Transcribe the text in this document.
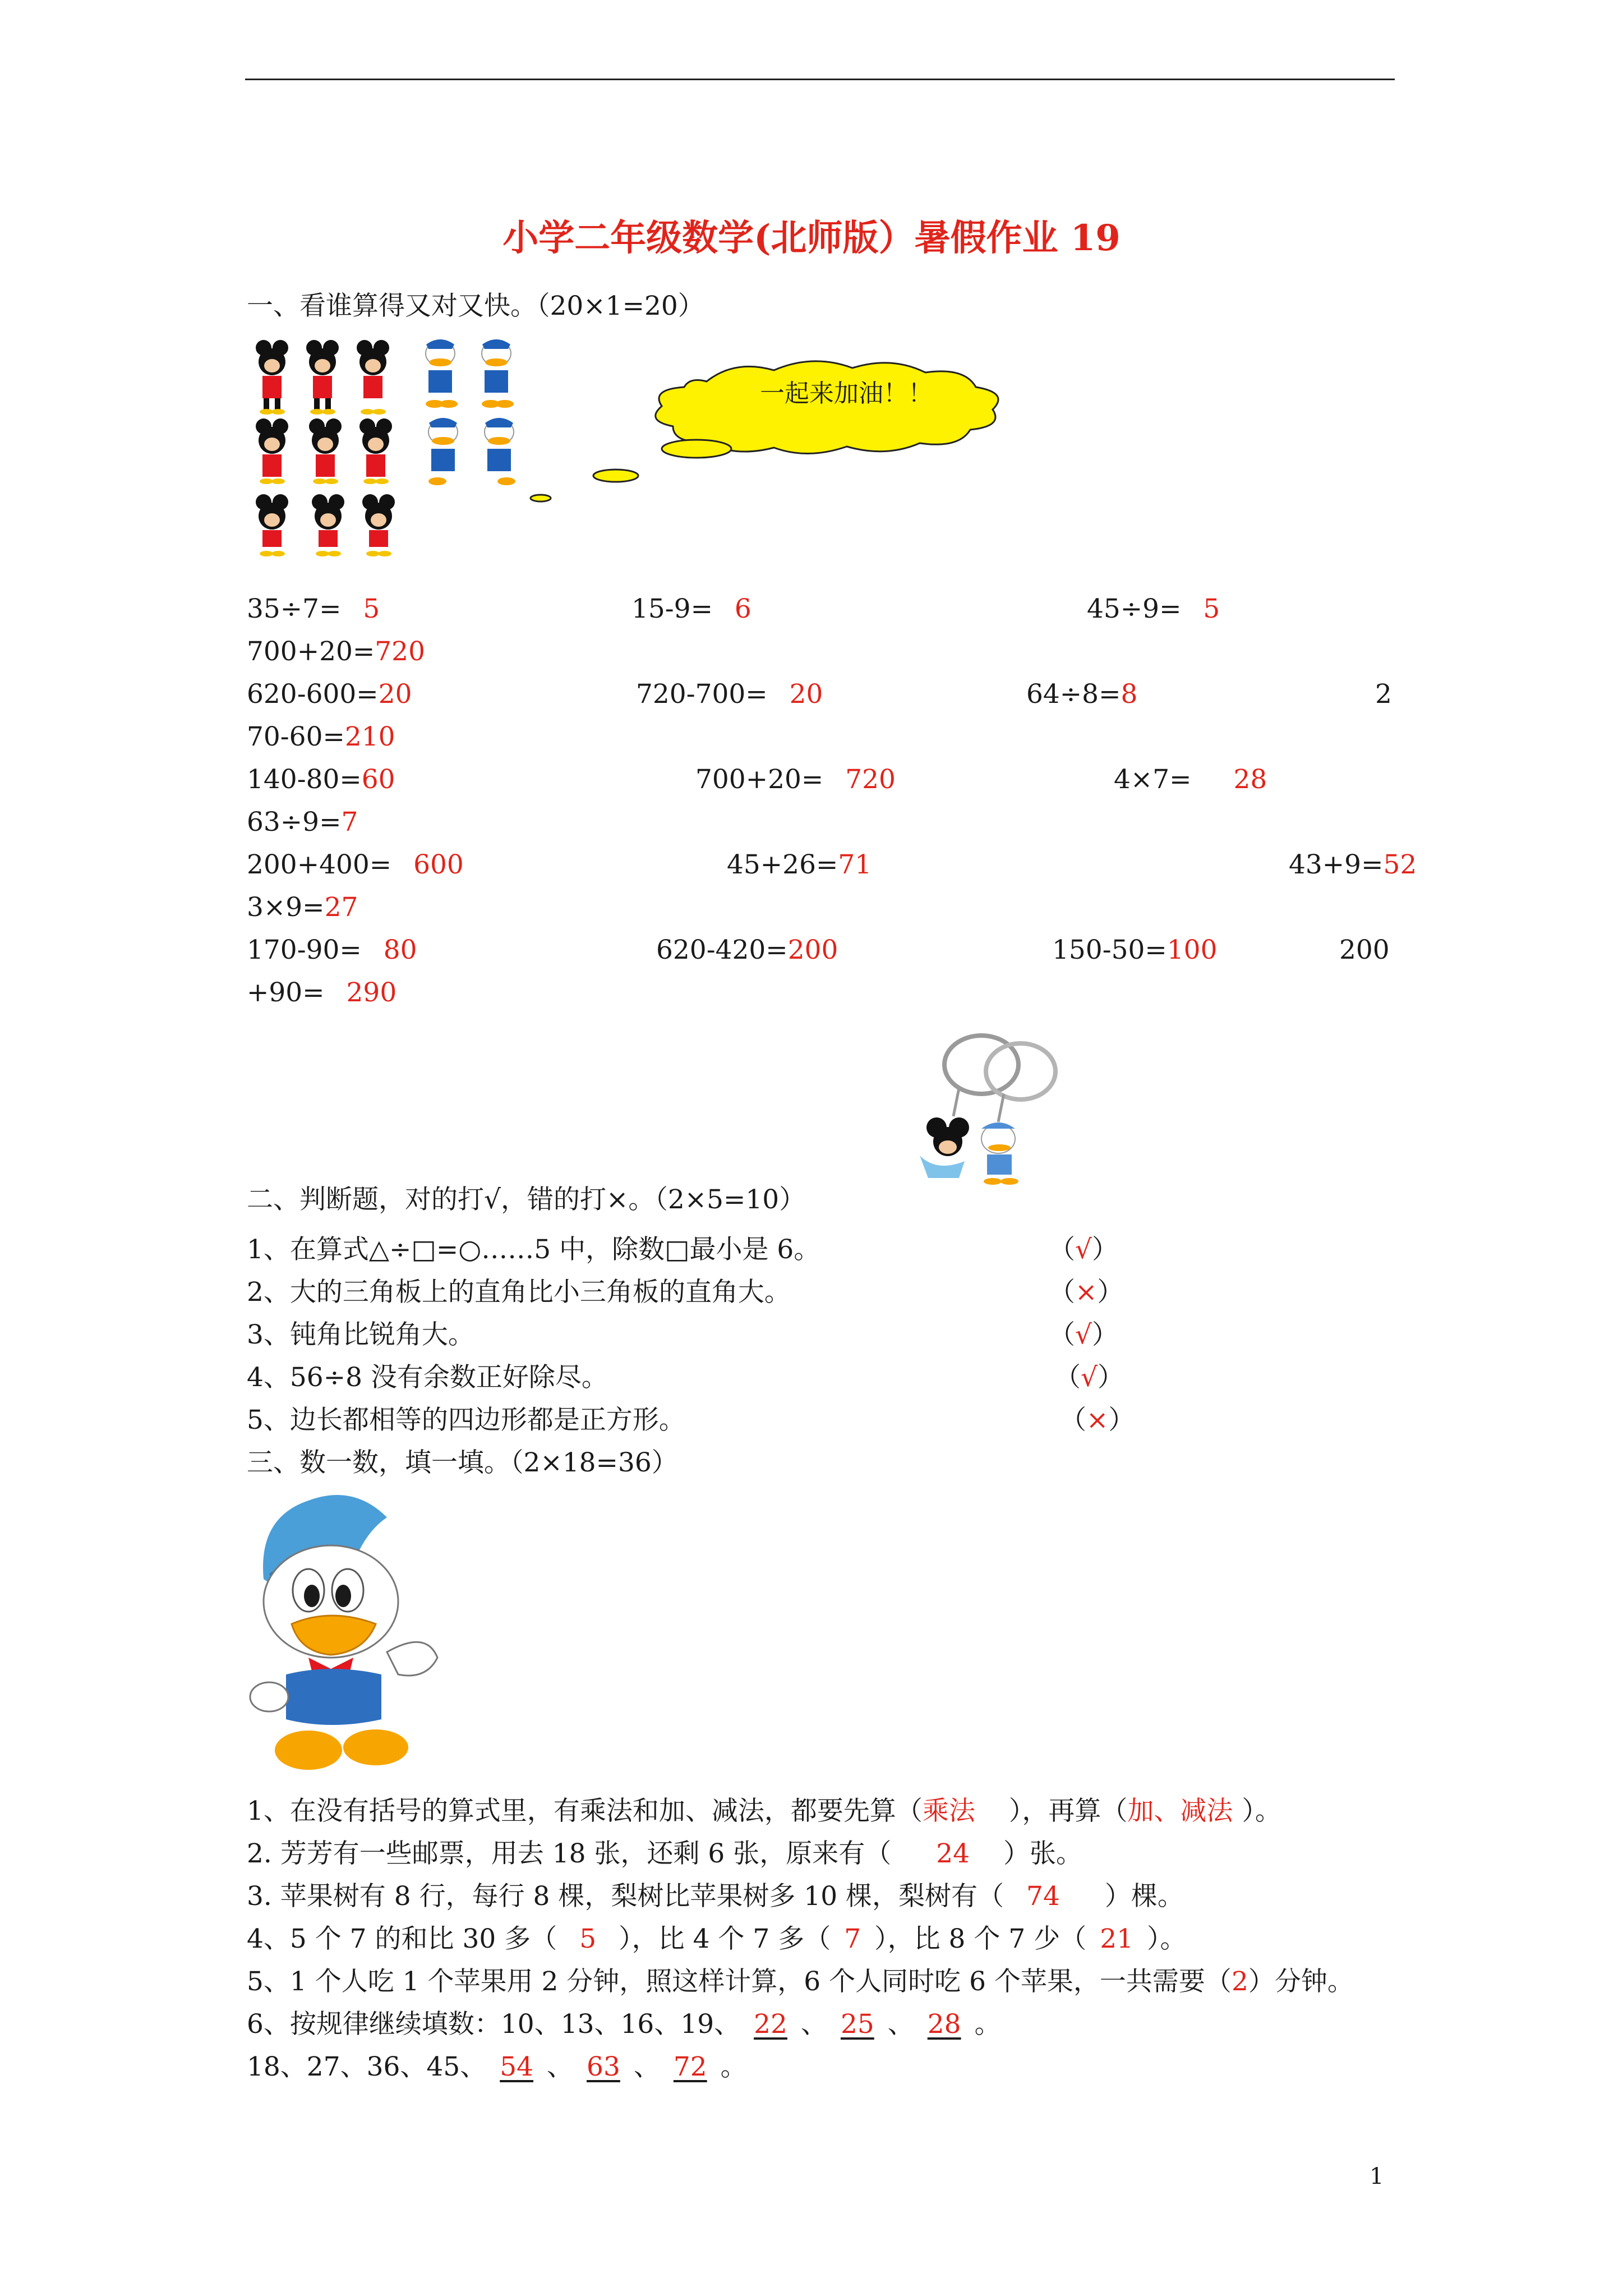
小学二年级数学(北师版）暑假作业 19
一、看谁算得又对又快。（20×1=20）
一起来加油！！
35÷7= 5	15-9= 6	45÷9= 5
700+20=720
620-600=20	720-700= 20	64÷8=8	2
70-60=210
140-80=60	700+20= 720	4×7= 28
63÷9=7
200+400= 600	45+26=71	43+9=52
3×9=27
170-90= 80	620-420=200	150-50=100	200
+90= 290
二、判断题，对的打√，错的打×。（2×5=10）
1、在算式△÷□=○……5 中，除数□最小是 6。	（√）
2、大的三角板上的直角比小三角板的直角大。	（×）
3、钝角比锐角大。	（√）
4、56÷8 没有余数正好除尽。	（√）
5、边长都相等的四边形都是正方形。	（×）
三、数一数，填一填。（2×18=36）
1、在没有括号的算式里，有乘法和加、减法，都要先算（乘法 ），再算（加、减法 ）。
2. 芳芳有一些邮票，用去 18 张，还剩 6 张，原来有（ 24 ）张。
3. 苹果树有 8 行，每行 8 棵，梨树比苹果树多 10 棵，梨树有（ 74 ）棵。
4、5 个 7 的和比 30 多（ 5 ），比 4 个 7 多（ 7 ），比 8 个 7 少（ 21 ）。
5、1 个人吃 1 个苹果用 2 分钟，照这样计算，6 个人同时吃 6 个苹果，一共需要（2）分钟。
6、按规律继续填数：10、13、16、19、 22 、 25 、 28 。
18、27、36、45、 54 、 63 、 72 。
1
